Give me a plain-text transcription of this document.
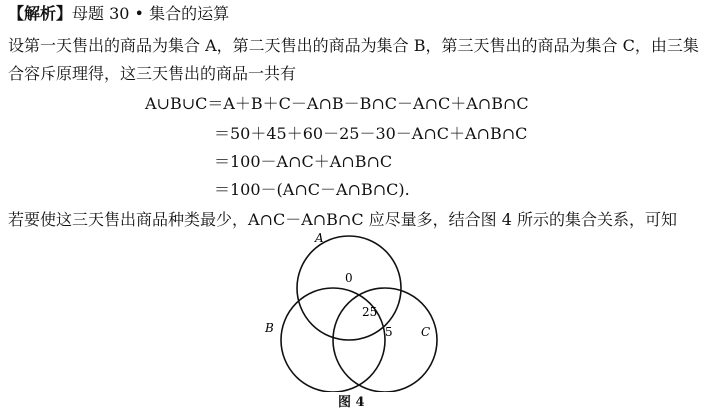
【解析】母题 30 • 集合的运算
设第一天售出的商品为集合 A，第二天售出的商品为集合 B，第三天售出的商品为集合 C，由三集
合容斥原理得，这三天售出的商品一共有
A∪B∪C＝A＋B＋C－A∩B－B∩C－A∩C＋A∩B∩C
＝50＋45＋60－25－30－A∩C＋A∩B∩C
＝100－A∩C＋A∩B∩C
＝100－(A∩C－A∩B∩C).
若要使这三天售出商品种类最少，A∩C－A∩B∩C 应尽量多，结合图 4 所示的集合关系，可知
A
B	C
0
25
5
图 4
